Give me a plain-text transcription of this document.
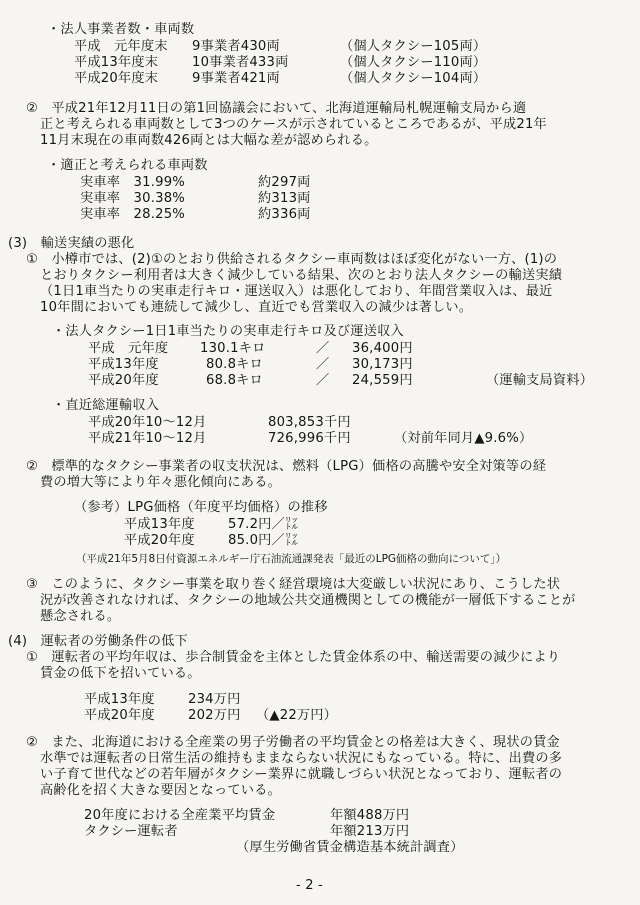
・法人事業者数・車両数
平成　元年度末 9事業者430両	（個人タクシー105両）
平成13年度末	10事業者433両	（個人タクシー110両）
平成20年度末	9事業者421両	（個人タクシー104両）
②　平成21年12月11日の第1回協議会において、北海道運輸局札幌運輸支局から適
正と考えられる車両数として3つのケースが示されているところであるが、平成21年
11月末現在の車両数426両とは大幅な差が認められる。
・適正と考えられる車両数
実車率　31.99%	約297両
実車率　30.38%	約313両
実車率　28.25%	約336両
(3)　輸送実績の悪化
①　小樽市では、(2)①のとおり供給されるタクシー車両数はほぼ変化がない一方、(1)の
とおりタクシー利用者は大きく減少している結果、次のとおり法人タクシーの輸送実績
（1日1車当たりの実車走行キロ・運送収入）は悪化しており、年間営業収入は、最近
10年間においても連続して減少し、直近でも営業収入の減少は著しい。
・法人タクシー1日1車当たりの実車走行キロ及び運送収入
平成　元年度 130.1キロ	／ 36,400円
平成13年度	80.8キロ	／ 30,173円
平成20年度	68.8キロ	／ 24,559円	（運輸支局資料）
・直近総運輸収入
平成20年10～12月	803,853千円
平成21年10～12月	726,996千円	（対前年同月▲9.6%）
②　標準的なタクシー事業者の収支状況は、燃料（LPG）価格の高騰や安全対策等の経
費の増大等により年々悪化傾向にある。
（参考）LPG価格（年度平均価格）の推移
平成13年度	57.2円／㍑
平成20年度	85.0円／㍑
（平成21年5月8日付資源エネルギー庁石油流通課発表「最近のLPG価格の動向について」）
③　このように、タクシー事業を取り巻く経営環境は大変厳しい状況にあり、こうした状
況が改善されなければ、タクシーの地域公共交通機関としての機能が一層低下することが
懸念される。
(4)　運転者の労働条件の低下
①　運転者の平均年収は、歩合制賃金を主体とした賃金体系の中、輸送需要の減少により
賃金の低下を招いている。
平成13年度	234万円
平成20年度	202万円 （▲22万円）
②　また、北海道における全産業の男子労働者の平均賃金との格差は大きく、現状の賃金
水準では運転者の日常生活の維持もままならない状況にもなっている。特に、出費の多
い子育て世代などの若年層がタクシー業界に就職しづらい状況となっており、運転者の
高齢化を招く大きな要因となっている。
20年度における全産業平均賃金	年額488万円
タクシー運転者	年額213万円
（厚生労働省賃金構造基本統計調査）
- 2 -
